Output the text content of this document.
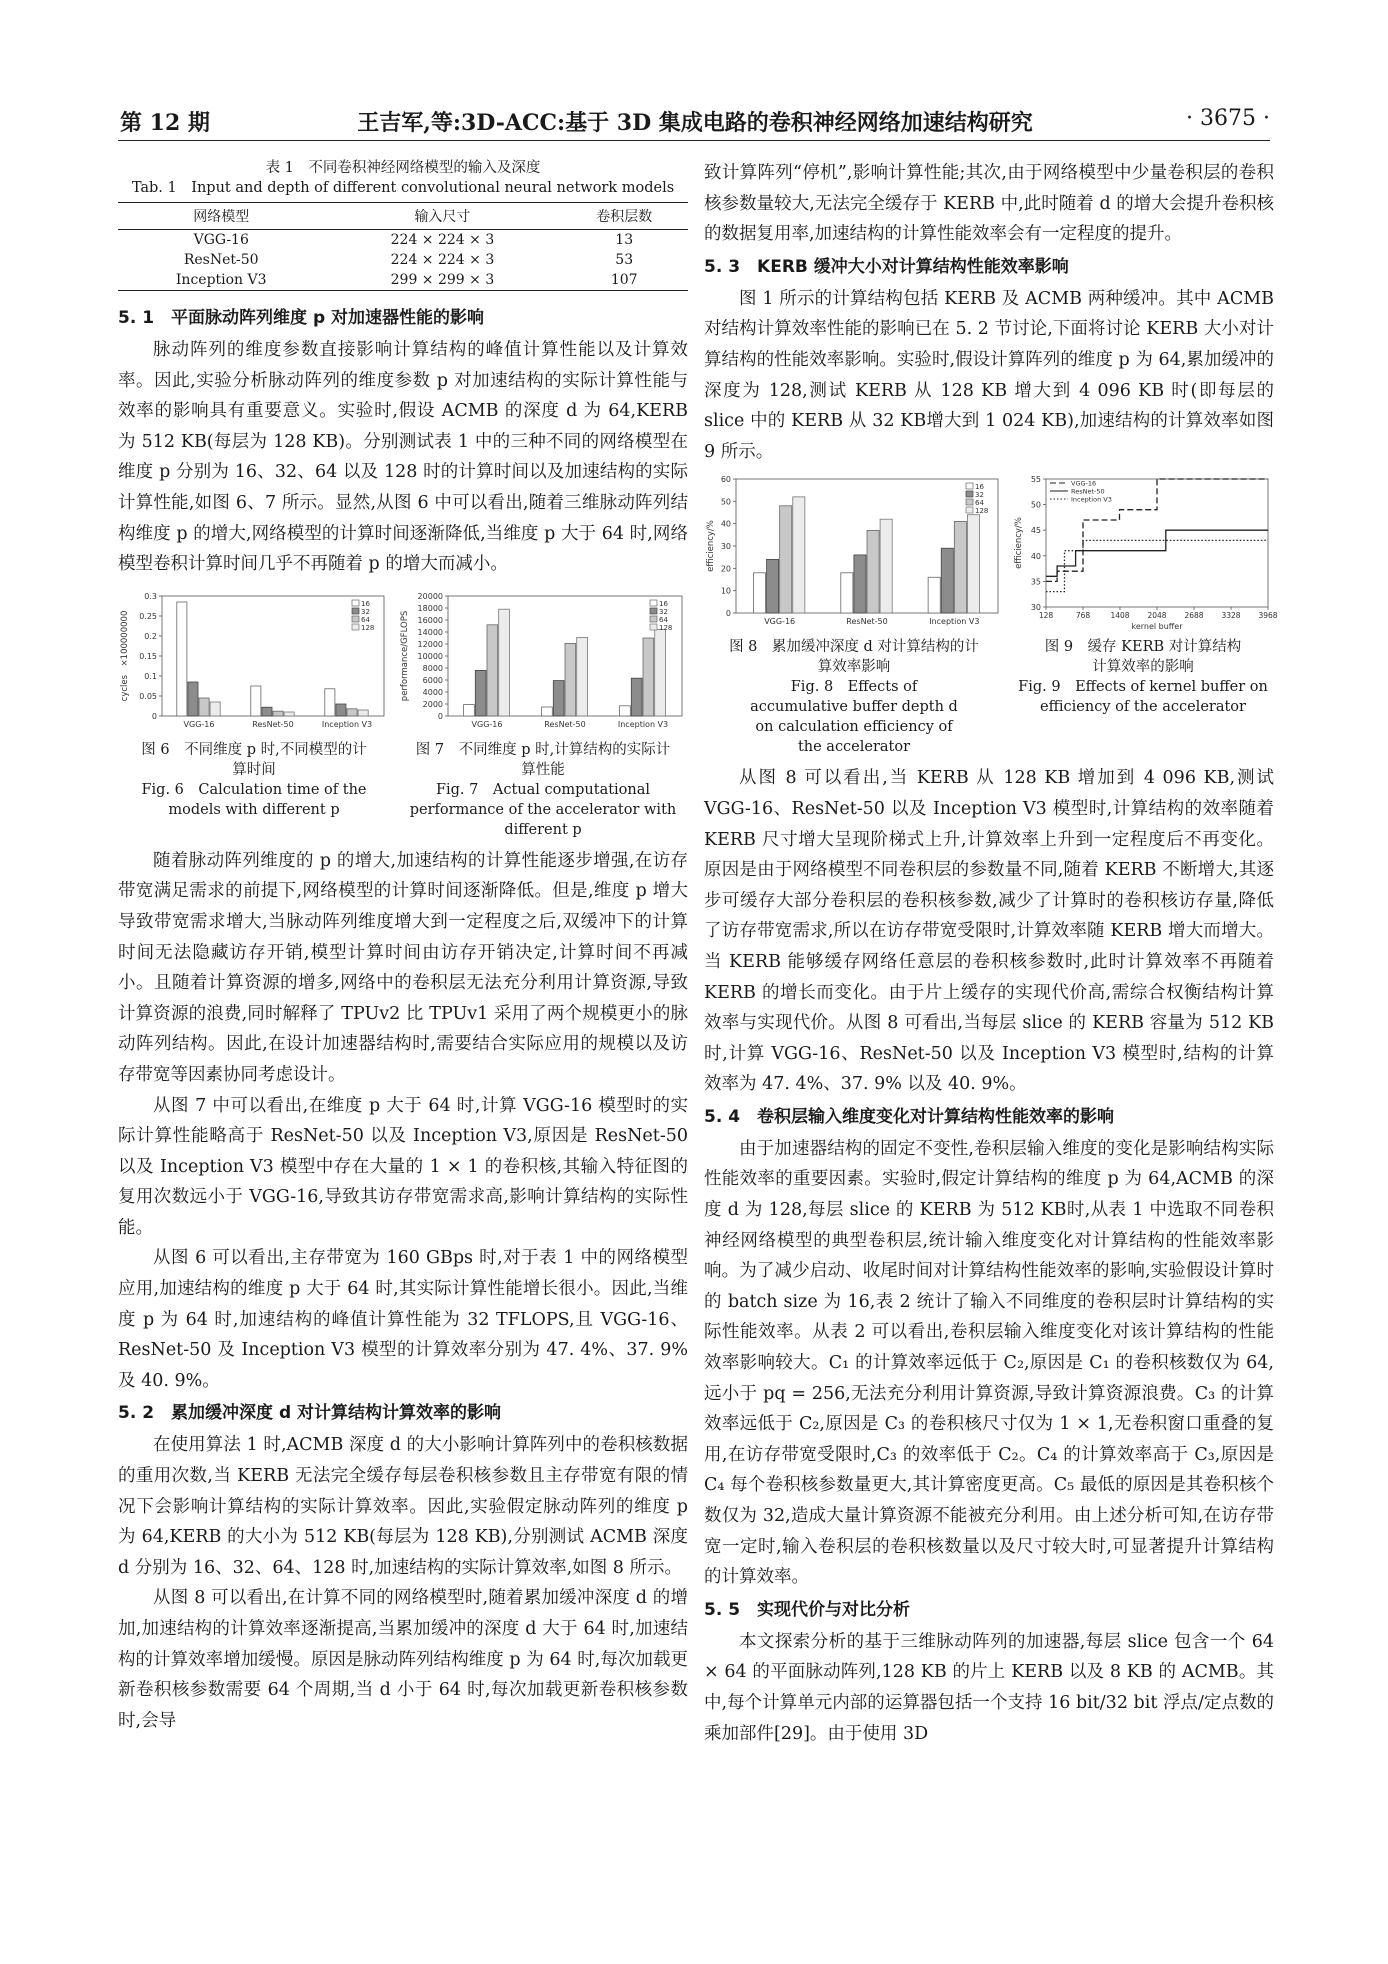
第 12 期	王吉军,等:3D-ACC:基于 3D 集成电路的卷积神经网络加速结构研究	· 3675 ·

表 1　不同卷积神经网络模型的输入及深度

Tab. 1　Input and depth of different convolutional neural network models

网络模型	输入尺寸	卷积层数
VGG-16	224 × 224 × 3	13
ResNet-50	224 × 224 × 3	53
Inception V3	299 × 299 × 3	107
5. 1　平面脉动阵列维度 p 对加速器性能的影响

脉动阵列的维度参数直接影响计算结构的峰值计算性能以及计算效率。因此,实验分析脉动阵列的维度参数 p 对加速结构的实际计算性能与效率的影响具有重要意义。实验时,假设 ACMB 的深度 d 为 64,KERB 为 512 KB(每层为 128 KB)。分别测试表 1 中的三种不同的网络模型在维度 p 分别为 16、32、64 以及 128 时的计算时间以及加速结构的实际计算性能,如图 6、7 所示。显然,从图 6 中可以看出,随着三维脉动阵列结构维度 p 的增大,网络模型的计算时间逐渐降低,当维度 p 大于 64 时,网络模型卷积计算时间几乎不再随着 p 的增大而减小。

0
0.05
0.1
0.15
0.2
0.25
0.3
cycles　×100000000
VGG-16	ResNet-50	Inception V3
16
32
64
128

图 6　不同维度 p 时,不同模型的计算时间

Fig. 6　Calculation time of the models with different p

0
2000
4000
6000
8000
10000
12000
14000
16000
18000
20000
performance/GFLOPS
VGG-16	ResNet-50	Inception V3
16
32
64
128

图 7　不同维度 p 时,计算结构的实际计算性能

Fig. 7　Actual computational performance of the accelerator with different p

随着脉动阵列维度的 p 的增大,加速结构的计算性能逐步增强,在访存带宽满足需求的前提下,网络模型的计算时间逐渐降低。但是,维度 p 增大导致带宽需求增大,当脉动阵列维度增大到一定程度之后,双缓冲下的计算时间无法隐藏访存开销,模型计算时间由访存开销决定,计算时间不再减小。且随着计算资源的增多,网络中的卷积层无法充分利用计算资源,导致计算资源的浪费,同时解释了 TPUv2 比 TPUv1 采用了两个规模更小的脉动阵列结构。因此,在设计加速器结构时,需要结合实际应用的规模以及访存带宽等因素协同考虑设计。

从图 7 中可以看出,在维度 p 大于 64 时,计算 VGG-16 模型时的实际计算性能略高于 ResNet-50 以及 Inception V3,原因是 ResNet-50 以及 Inception V3 模型中存在大量的 1 × 1 的卷积核,其输入特征图的复用次数远小于 VGG-16,导致其访存带宽需求高,影响计算结构的实际性能。

从图 6 可以看出,主存带宽为 160 GBps 时,对于表 1 中的网络模型应用,加速结构的维度 p 大于 64 时,其实际计算性能增长很小。因此,当维度 p 为 64 时,加速结构的峰值计算性能为 32 TFLOPS,且 VGG-16、ResNet-50 及 Inception V3 模型的计算效率分别为 47. 4%、37. 9% 及 40. 9%。

5. 2　累加缓冲深度 d 对计算结构计算效率的影响

在使用算法 1 时,ACMB 深度 d 的大小影响计算阵列中的卷积核数据的重用次数,当 KERB 无法完全缓存每层卷积核参数且主存带宽有限的情况下会影响计算结构的实际计算效率。因此,实验假定脉动阵列的维度 p 为 64,KERB 的大小为 512 KB(每层为 128 KB),分别测试 ACMB 深度 d 分别为 16、32、64、128 时,加速结构的实际计算效率,如图 8 所示。

从图 8 可以看出,在计算不同的网络模型时,随着累加缓冲深度 d 的增加,加速结构的计算效率逐渐提高,当累加缓冲的深度 d 大于 64 时,加速结构的计算效率增加缓慢。原因是脉动阵列结构维度 p 为 64 时,每次加载更新卷积核参数需要 64 个周期,当 d 小于 64 时,每次加载更新卷积核参数时,会导

致计算阵列“停机”,影响计算性能;其次,由于网络模型中少量卷积层的卷积核参数量较大,无法完全缓存于 KERB 中,此时随着 d 的增大会提升卷积核的数据复用率,加速结构的计算性能效率会有一定程度的提升。

5. 3　KERB 缓冲大小对计算结构性能效率影响

图 1 所示的计算结构包括 KERB 及 ACMB 两种缓冲。其中 ACMB 对结构计算效率性能的影响已在 5. 2 节讨论,下面将讨论 KERB 大小对计算结构的性能效率影响。实验时,假设计算阵列的维度 p 为 64,累加缓冲的深度为 128,测试 KERB 从 128 KB 增大到 4 096 KB 时(即每层的 slice 中的 KERB 从 32 KB增大到 1 024 KB),加速结构的计算效率如图 9 所示。

0
10
20
30
40
50
60
efficiency/%
VGG-16	ResNet-50	Inception V3
16
32
64
128

图 8　累加缓冲深度 d 对计算结构的计算效率影响

Fig. 8　Effects of accumulative buffer depth d on calculation efficiency of the accelerator

30
35
40
45
50
55
128	768	1408 2048 2688 3328 3968
kernel buffer
efficiency/%
VGG-16
ResNet-50
Inception V3

图 9　缓存 KERB 对计算结构计算效率的影响

Fig. 9　Effects of kernel buffer on efficiency of the accelerator

从图 8 可以看出,当 KERB 从 128 KB 增加到 4 096 KB,测试 VGG-16、ResNet-50 以及 Inception V3 模型时,计算结构的效率随着 KERB 尺寸增大呈现阶梯式上升,计算效率上升到一定程度后不再变化。原因是由于网络模型不同卷积层的参数量不同,随着 KERB 不断增大,其逐步可缓存大部分卷积层的卷积核参数,减少了计算时的卷积核访存量,降低了访存带宽需求,所以在访存带宽受限时,计算效率随 KERB 增大而增大。当 KERB 能够缓存网络任意层的卷积核参数时,此时计算效率不再随着 KERB 的增长而变化。由于片上缓存的实现代价高,需综合权衡结构计算效率与实现代价。从图 8 可看出,当每层 slice 的 KERB 容量为 512 KB 时,计算 VGG-16、ResNet-50 以及 Inception V3 模型时,结构的计算效率为 47. 4%、37. 9% 以及 40. 9%。

5. 4　卷积层输入维度变化对计算结构性能效率的影响

由于加速器结构的固定不变性,卷积层输入维度的变化是影响结构实际性能效率的重要因素。实验时,假定计算结构的维度 p 为 64,ACMB 的深度 d 为 128,每层 slice 的 KERB 为 512 KB时,从表 1 中选取不同卷积神经网络模型的典型卷积层,统计输入维度变化对计算结构的性能效率影响。为了减少启动、收尾时间对计算结构性能效率的影响,实验假设计算时的 batch size 为 16,表 2 统计了输入不同维度的卷积层时计算结构的实际性能效率。从表 2 可以看出,卷积层输入维度变化对该计算结构的性能效率影响较大。C₁ 的计算效率远低于 C₂,原因是 C₁ 的卷积核数仅为 64,远小于 pq = 256,无法充分利用计算资源,导致计算资源浪费。C₃ 的计算效率远低于 C₂,原因是 C₃ 的卷积核尺寸仅为 1 × 1,无卷积窗口重叠的复用,在访存带宽受限时,C₃ 的效率低于 C₂。C₄ 的计算效率高于 C₃,原因是 C₄ 每个卷积核参数量更大,其计算密度更高。C₅ 最低的原因是其卷积核个数仅为 32,造成大量计算资源不能被充分利用。由上述分析可知,在访存带宽一定时,输入卷积层的卷积核数量以及尺寸较大时,可显著提升计算结构的计算效率。

5. 5　实现代价与对比分析

本文探索分析的基于三维脉动阵列的加速器,每层 slice 包含一个 64 × 64 的平面脉动阵列,128 KB 的片上 KERB 以及 8 KB 的 ACMB。其中,每个计算单元内部的运算器包括一个支持 16 bit/32 bit 浮点/定点数的乘加部件[29]。由于使用 3D
